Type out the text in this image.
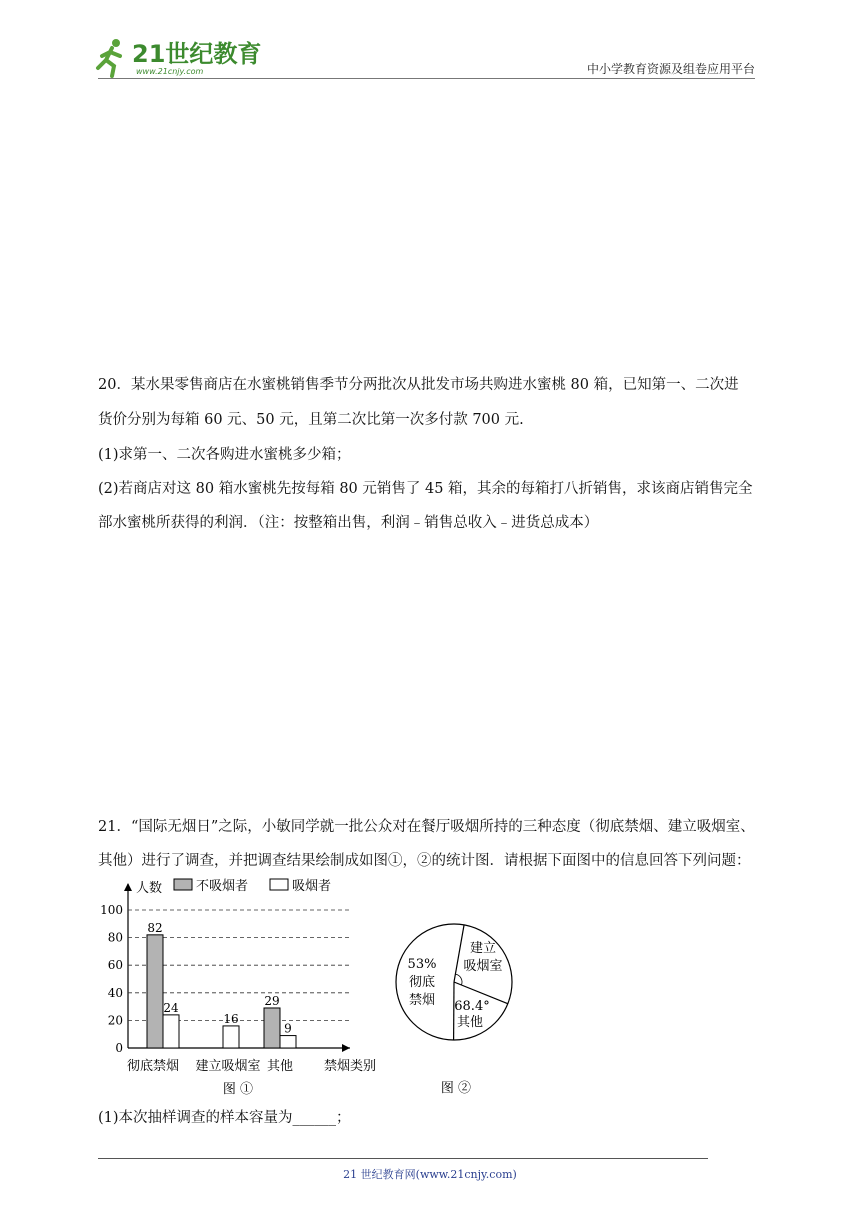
21世纪教育
www.21cnjy.com	中小学教育资源及组卷应用平台
20．某水果零售商店在水蜜桃销售季节分两批次从批发市场共购进水蜜桃 80 箱，已知第一、二次进
货价分别为每箱 60 元、50 元，且第二次比第一次多付款 700 元.
(1)求第一、二次各购进水蜜桃多少箱；
(2)若商店对这 80 箱水蜜桃先按每箱 80 元销售了 45 箱，其余的每箱打八折销售，求该商店销售完全
部水蜜桃所获得的利润．（注：按整箱出售，利润﹣销售总收入﹣进货总成本）
21．“国际无烟日”之际，小敏同学就一批公众对在餐厅吸烟所持的三种态度（彻底禁烟、建立吸烟室、
其他）进行了调查，并把调查结果绘制成如图①，②的统计图．请根据下面图中的信息回答下列问题：
0
20
40
60
80
100
人数	不吸烟者	吸烟者
82
24
16
29
9
彻底禁烟 建立吸烟室 其他 禁烟类别
图 ①
53%
彻底
禁烟
建立
吸烟室
68.4°
其他
图 ②
(1)本次抽样调查的样本容量为______；
21 世纪教育网(www.21cnjy.com)
